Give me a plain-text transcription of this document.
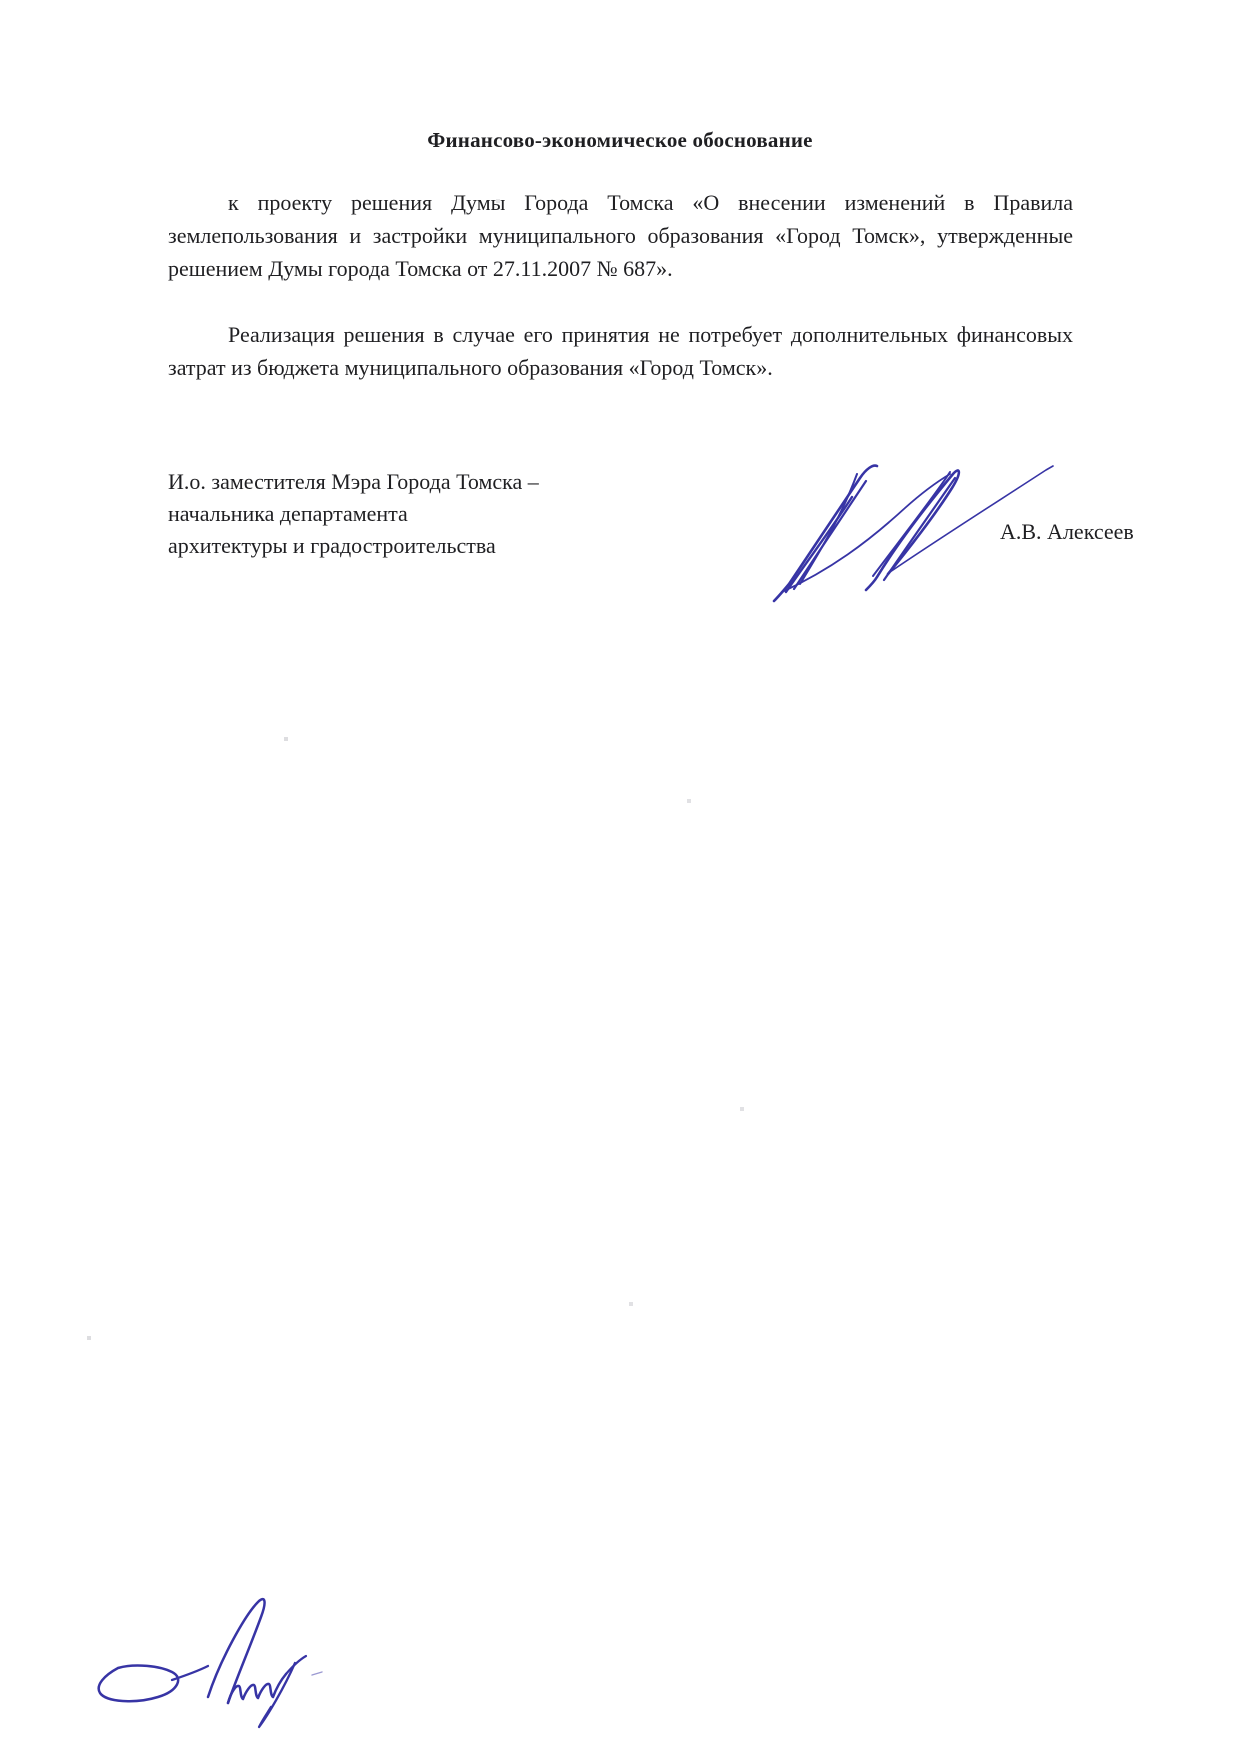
Финансово-экономическое обоснование

к проекту решения Думы Города Томска «О внесении изменений в Правила землепользования и застройки муниципального образования «Город Томск», утвержденные решением Думы города Томска от 27.11.2007 № 687».

Реализация решения в случае его принятия не потребует дополнительных финансовых затрат из бюджета муниципального образования «Город Томск».

И.о. заместителя Мэра Города Томска –
начальника департамента
архитектуры и градостроительства
А.В. Алексеев
